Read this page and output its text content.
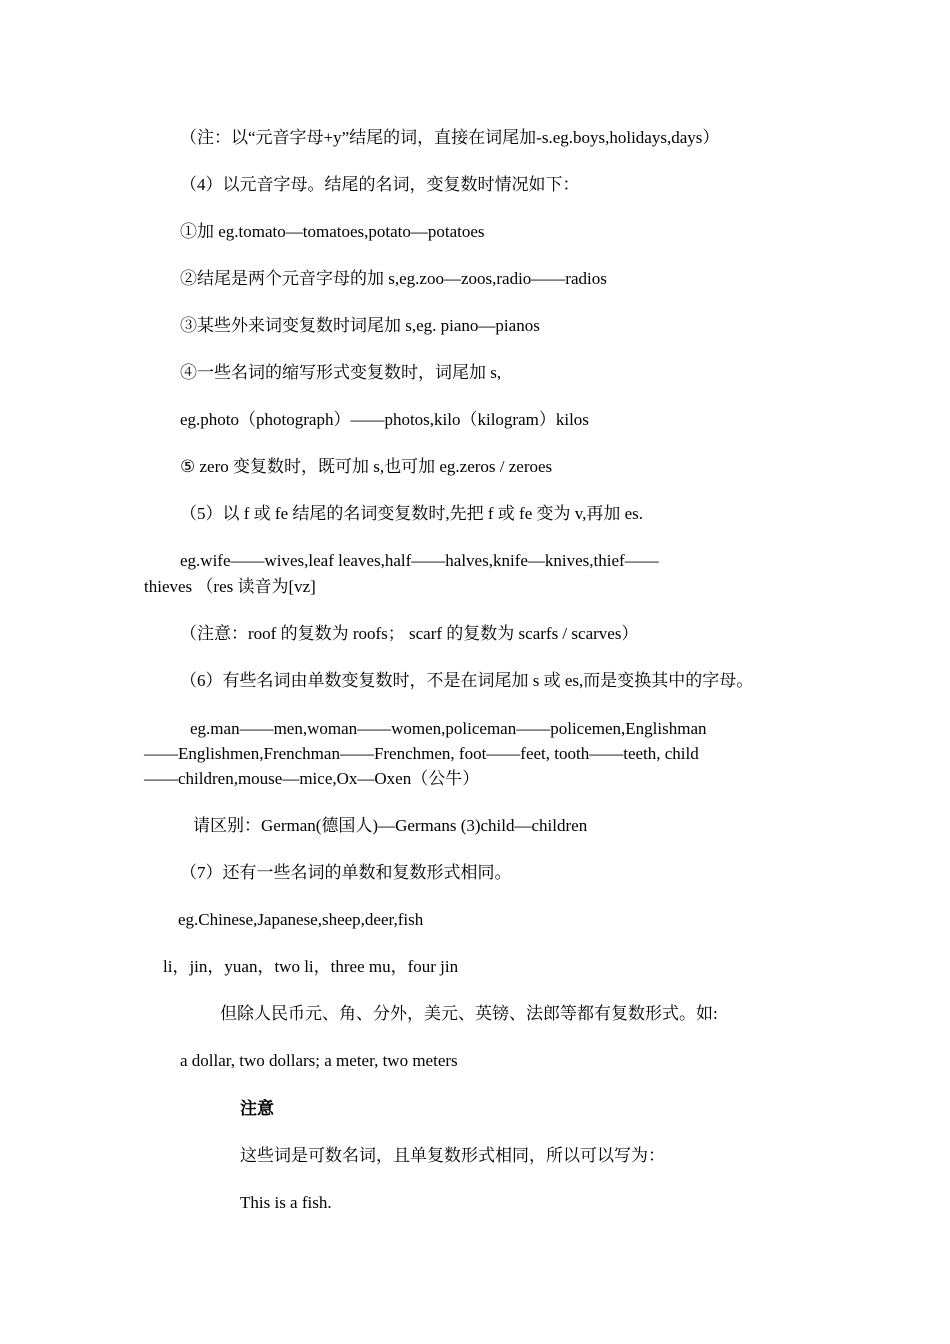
（注：以“元音字母+y”结尾的词，直接在词尾加-s.eg.boys,holidays,days）
（4）以元音字母。结尾的名词，变复数时情况如下：
①加 eg.tomato—tomatoes,potato—potatoes
②结尾是两个元音字母的加 s,eg.zoo—zoos,radio——radios
③某些外来词变复数时词尾加 s,eg. piano—pianos
④一些名词的缩写形式变复数时，词尾加 s,
eg.photo（photograph）——photos,kilo（kilogram）kilos
⑤ zero 变复数时，既可加 s,也可加 eg.zeros / zeroes
（5）以 f 或 fe 结尾的名词变复数时,先把 f 或 fe 变为 v,再加 es.
eg.wife——wives,leaf leaves,half——halves,knife—knives,thief——
thieves （res 读音为[vz]
（注意：roof 的复数为 roofs； scarf 的复数为 scarfs / scarves）
（6）有些名词由单数变复数时，不是在词尾加 s 或 es,而是变换其中的字母。
eg.man——men,woman——women,policeman——policemen,Englishman
——Englishmen,Frenchman——Frenchmen, foot——feet, tooth——teeth, child
——children,mouse—mice,Ox—Oxen（公牛）
请区别：German(德国人)—Germans (3)child—children
（7）还有一些名词的单数和复数形式相同。
eg.Chinese,Japanese,sheep,deer,fish
li，jin，yuan，two li，three mu，four jin
但除人民币元、角、分外，美元、英镑、法郎等都有复数形式。如:
a dollar, two dollars; a meter, two meters
注意
这些词是可数名词，且单复数形式相同，所以可以写为：
This is a fish.
